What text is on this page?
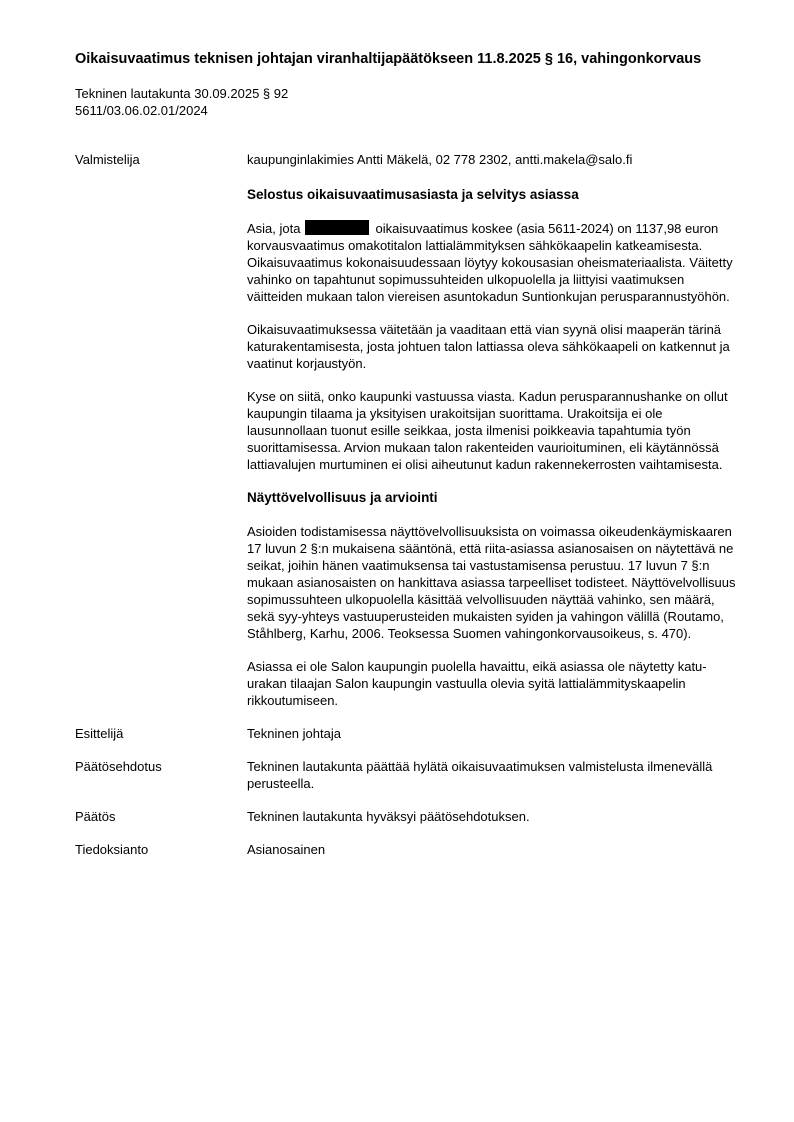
Oikaisuvaatimus teknisen johtajan viranhaltijapäätökseen 11.8.2025 § 16, vahingonkorvaus

Tekninen lautakunta 30.09.2025 § 92

5611/03.06.02.01/2024

Valmistelija	kaupunginlakimies Antti Mäkelä, 02 778 2302, antti.makela@salo.fi
Selostus oikaisuvaatimusasiasta ja selvitys asiassa

Asia, jota	oikaisuvaatimus koskee (asia 5611-2024) on 1137,98 euron korvausvaatimus omakotitalon lattialämmityksen sähkökaapelin katkeamisesta. Oikaisuvaatimus kokonaisuudessaan löytyy kokousasian oheismateriaalista. Väitetty vahinko on tapahtunut sopimussuhteiden ulkopuolella ja liittyisi vaatimuksen väitteiden mukaan talon viereisen asuntokadun Suntionkujan perusparannustyöhön.

Oikaisuvaatimuksessa väitetään ja vaaditaan että vian syynä olisi maaperän tärinä katurakentamisesta, josta johtuen talon lattiassa oleva sähkökaapeli on katkennut ja vaatinut korjaustyön.

Kyse on siitä, onko kaupunki vastuussa viasta. Kadun perusparannushanke on ollut kaupungin tilaama ja yksityisen urakoitsijan suorittama. Urakoitsija ei ole lausunnollaan tuonut esille seikkaa, josta ilmenisi poikkeavia tapahtumia työn suorittamisessa. Arvion mukaan talon rakenteiden vaurioituminen, eli käytännössä lattiavalujen murtuminen ei olisi aiheutunut kadun rakennekerrosten vaihtamisesta.

Näyttövelvollisuus ja arviointi

Asioiden todistamisessa näyttövelvollisuuksista on voimassa oikeudenkäymiskaaren 17 luvun 2 §:n mukaisena sääntönä, että riita-asiassa asianosaisen on näytettävä ne seikat, joihin hänen vaatimuksensa tai vastustamisensa perustuu. 17 luvun 7 §:n mukaan asianosaisten on hankittava asiassa tarpeelliset todisteet. Näyttövelvollisuus sopimussuhteen ulkopuolella käsittää velvollisuuden näyttää vahinko, sen määrä, sekä syy-yhteys vastuuperusteiden mukaisten syiden ja vahingon välillä (Routamo, Ståhlberg, Karhu, 2006. Teoksessa Suomen vahingonkorvausoikeus, s. 470).

Asiassa ei ole Salon kaupungin puolella havaittu, eikä asiassa ole näytetty katu-urakan tilaajan Salon kaupungin vastuulla olevia syitä lattialämmityskaapelin rikkoutumiseen.

Esittelijä	Tekninen johtaja
Päätösehdotus	Tekninen lautakunta päättää hylätä oikaisuvaatimuksen valmistelusta ilmenevällä perusteella.
Päätös	Tekninen lautakunta hyväksyi päätösehdotuksen.
Tiedoksianto	Asianosainen
